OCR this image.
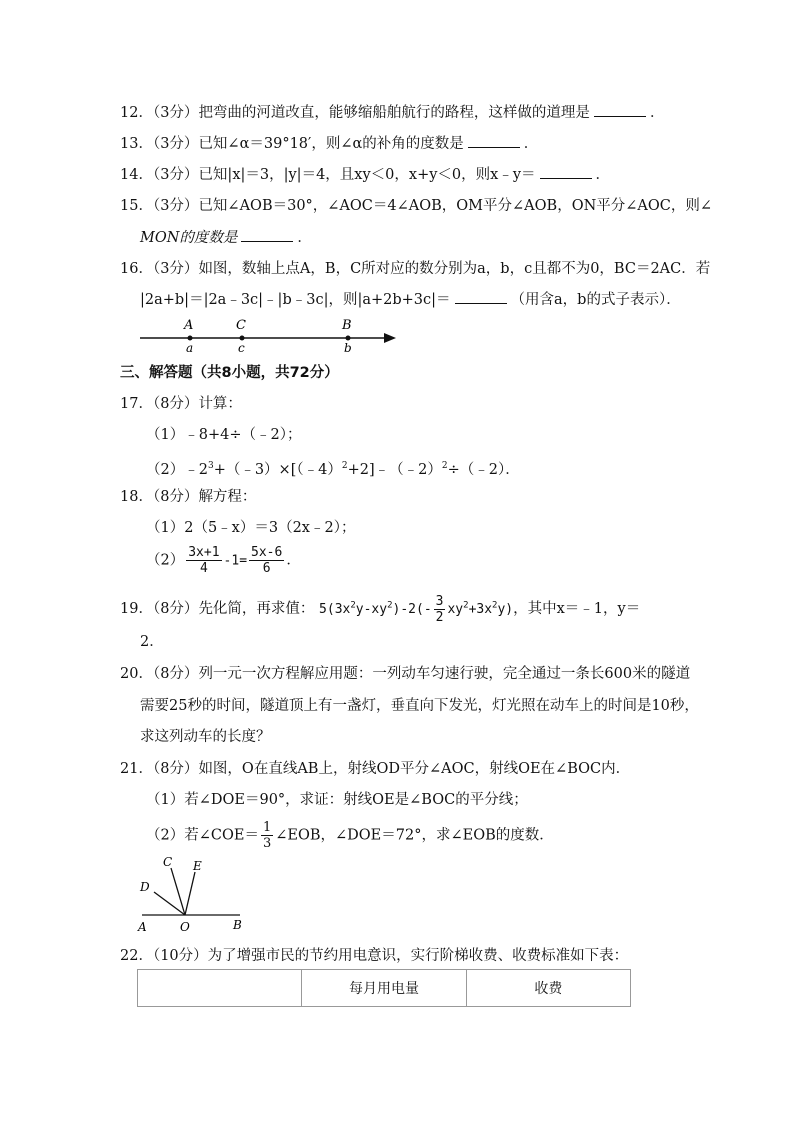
12．（3分）把弯曲的河道改直，能够缩船舶航行的路程，这样做的道理是	．
13．（3分）已知∠α＝39°18′，则∠α的补角的度数是	．
14．（3分）已知|x|＝3，|y|＝4，且xy＜0，x+y＜0，则x﹣y＝	．
15．（3分）已知∠AOB＝30°，∠AOC＝4∠AOB，OM平分∠AOB，ON平分∠AOC，则∠
MON的度数是	．
16．（3分）如图，数轴上点A，B，C所对应的数分别为a，b，c且都不为0，BC＝2AC．若
|2a+b|＝|2a﹣3c|﹣|b﹣3c|，则|a+2b+3c|＝	（用含a，b的式子表示）．
A
a
C
c
B
b
三、解答题（共8小题，共72分）
17．（8分）计算：
（1）﹣8+4÷（﹣2）；
$(2)﹣2^3+(﹣3)\times[(﹣4)^2+2]﹣(﹣2)^2\div(﹣2)$．
18．（8分）解方程：
（1）2（5﹣x）＝3（2x﹣2）；
$(2) \frac{3x+1}{4} -1= \frac{5x-6}{6}$ ．
19．（8分）先化简，再求值： $5(3x^2y-xy^2)-2(- \frac{3}{2} xy^2+3x^2y)$，其中x＝﹣1，y＝
2．
20．（8分）列一元一次方程解应用题：一列动车匀速行驶，完全通过一条长600米的隧道
需要25秒的时间，隧道顶上有一盏灯，垂直向下发光，灯光照在动车上的时间是10秒，
求这列动车的长度？
21．（8分）如图，O在直线AB上，射线OD平分∠AOC，射线OE在∠BOC内．
（1）若∠DOE＝90°，求证：射线OE是∠BOC的平分线；
（2）若∠COE＝ $\frac{1}{3}$ ∠EOB，∠DOE＝72°，求∠EOB的度数．
A	O	B
D
C E
22．（10分）为了增强市民的节约用电意识，实行阶梯收费、收费标准如下表：
	每月用电量	收费
